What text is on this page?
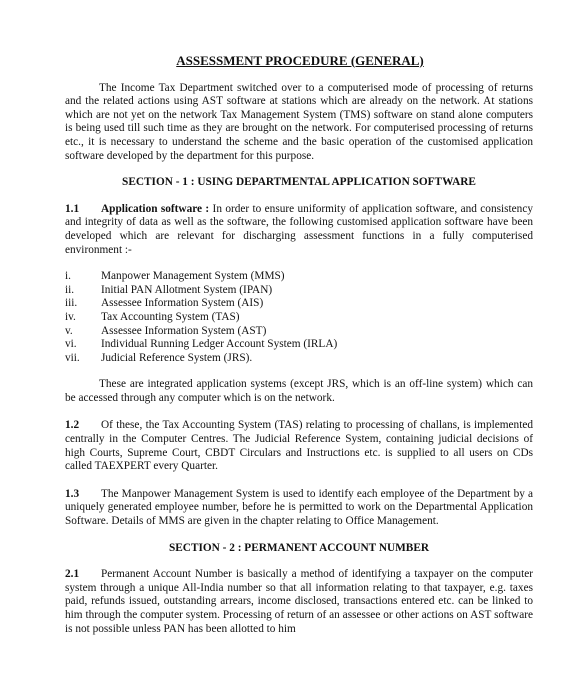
ASSESSMENT PROCEDURE (GENERAL)

The Income Tax Department switched over to a computerised mode of processing of returns and the related actions using AST software at stations which are already on the network. At stations which are not yet on the network Tax Management System (TMS) software on stand alone computers is being used till such time as they are brought on the network. For computerised processing of returns etc., it is necessary to understand the scheme and the basic operation of the customised application software developed by the department for this purpose.

SECTION - 1 : USING DEPARTMENTAL APPLICATION SOFTWARE

1.1 Application software : In order to ensure uniformity of application software, and consistency and integrity of data as well as the software, the following customised application software have been developed which are relevant for discharging assessment functions in a fully computerised environment :-

i.	Manpower Management System (MMS)
ii.	Initial PAN Allotment System (IPAN)
iii.	Assessee Information System (AIS)
iv.	Tax Accounting System (TAS)
v.	Assessee Information System (AST)
vi.	Individual Running Ledger Account System (IRLA)
vii.	Judicial Reference System (JRS).

These are integrated application systems (except JRS, which is an off-line system) which can be accessed through any computer which is on the network.

1.2 Of these, the Tax Accounting System (TAS) relating to processing of challans, is implemented centrally in the Computer Centres. The Judicial Reference System, containing judicial decisions of high Courts, Supreme Court, CBDT Circulars and Instructions etc. is supplied to all users on CDs called TAEXPERT every Quarter.

1.3 The Manpower Management System is used to identify each employee of the Department by a uniquely generated employee number, before he is permitted to work on the Departmental Application Software. Details of MMS are given in the chapter relating to Office Management.

SECTION - 2 : PERMANENT ACCOUNT NUMBER

2.1 Permanent Account Number is basically a method of identifying a taxpayer on the computer system through a unique All-India number so that all information relating to that taxpayer, e.g. taxes paid, refunds issued, outstanding arrears, income disclosed, transactions entered etc. can be linked to him through the computer system. Processing of return of an assessee or other actions on AST software is not possible unless PAN has been allotted to him
